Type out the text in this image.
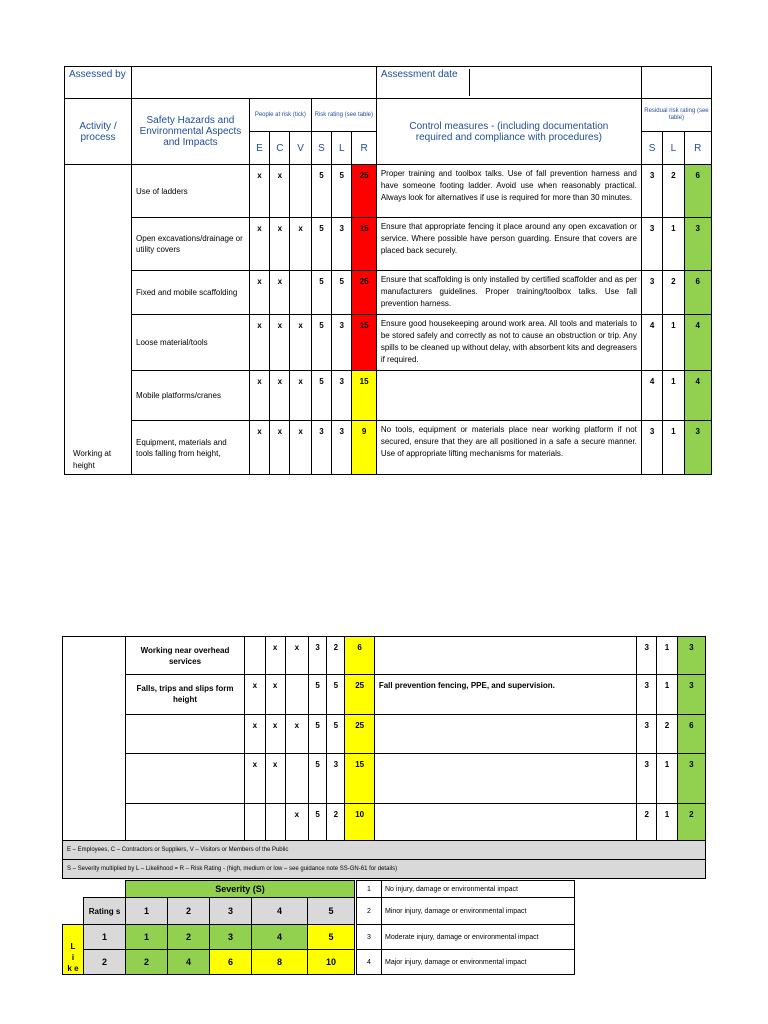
Assessed by								Assessment date			

Activity / process	Safety Hazards and Environmental Aspects and Impacts	People at risk (tick)			Risk rating (see table)			Control measures - (including documentation required and compliance with procedures)	Residual risk rating (see table)		
		E	C	V	S	L	R		S	L	R
Working at height	Use of ladders	x	x		5	5	25	Proper training and toolbox talks. Use of fall prevention harness and have someone footing ladder. Avoid use when reasonably practical. Always look for alternatives if use is required for more than 30 minutes.	3	2	6
	Open excavations/drainage or utility covers	x	x	x	5	3	15	Ensure that appropriate fencing it place around any open excavation or service. Where possible have person guarding. Ensure that covers are placed back securely.	3	1	3
	Fixed and mobile scaffolding	x	x		5	5	25	Ensure that scaffolding is only installed by certified scaffolder and as per manufacturers guidelines. Proper training/toolbox talks. Use fall prevention harness.	3	2	6
	Loose material/tools	x	x	x	5	3	15	Ensure good housekeeping around work area. All tools and materials to be stored safely and correctly as not to cause an obstruction or trip. Any spills to be cleaned up without delay, with absorbent kits and degreasers if required.	4	1	4
	Mobile platforms/cranes	x	x	x	5	3	15		4	1	4
	Equipment, materials and tools falling from height,	x	x	x	3	3	9	No tools, equipment or materials place near working platform if not secured, ensure that they are all positioned in a safe a secure manner. Use of appropriate lifting mechanisms for materials.	3	1	3
	Working near overhead services		x	x	3	2	6		3	1	3
	Falls, trips and slips form height	x	x		5	5	25	Fall prevention fencing, PPE, and supervision.	3	1	3
		x	x	x	5	5	25		3	2	6
		x	x		5	3	15		3	1	3
				x	5	2	10		2	1	2
E – Employees, C – Contractors or Suppliers, V – Visitors or Members of the Public											
S – Severity multiplied by L – Likelihood = R – Risk Rating - (high, medium or low – see guidance note SS-GN-61 for details)											
		Severity (S)				
	Rating s	1	2	3	4	5
L
i
k e	1	1	2	3	4	5
	2	2	4	6	8	10
1	No injury, damage or environmental impact
2	Minor injury, damage or environmental impact
3	Moderate injury, damage or environmental impact
4	Major injury, damage or environmental impact
